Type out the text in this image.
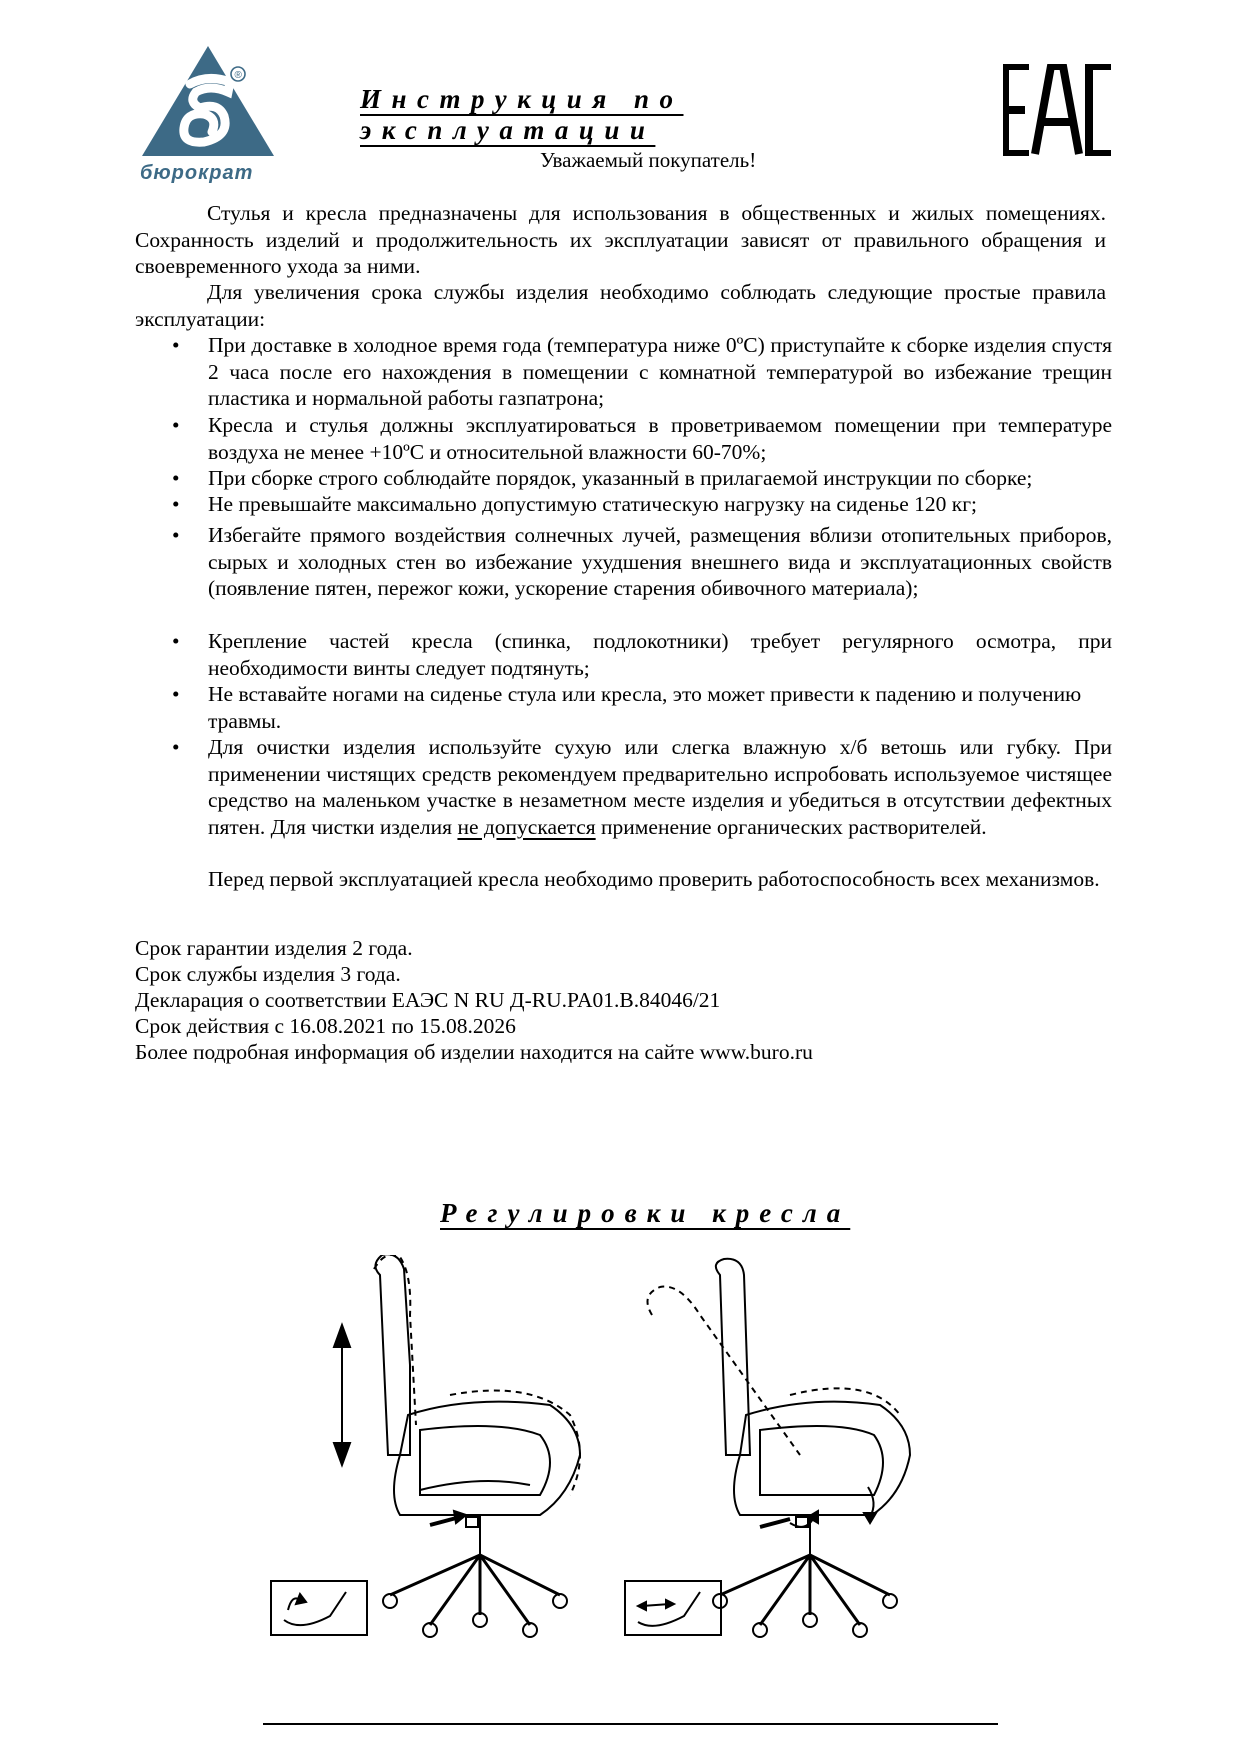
®
бюрократ
Инструкция по эксплуатации
Уважаемый покупатель!
Стулья и кресла предназначены для использования в общественных и жилых помещениях. Сохранность изделий и продолжительность их эксплуатации зависят от правильного обращения и своевременного ухода за ними.
Для увеличения срока службы изделия необходимо соблюдать следующие простые правила эксплуатации:
• При доставке в холодное время года (температура ниже 0ºС) приступайте к сборке изделия спустя 2 часа после его нахождения в помещении с комнатной температурой во избежание трещин пластика и нормальной работы газпатрона;
• Кресла и стулья должны эксплуатироваться в проветриваемом помещении при температуре воздуха не менее +10ºС и относительной влажности 60-70%;
• При сборке строго соблюдайте порядок, указанный в прилагаемой инструкции по сборке;
• Не превышайте максимально допустимую статическую нагрузку на сиденье 120 кг;
• Избегайте прямого воздействия солнечных лучей, размещения вблизи отопительных приборов, сырых и холодных стен во избежание ухудшения внешнего вида и эксплуатационных свойств (появление пятен, пережог кожи, ускорение старения обивочного материала);
• Крепление частей кресла (спинка, подлокотники) требует регулярного осмотра, при необходимости винты следует подтянуть;
• Не вставайте ногами на сиденье стула или кресла, это может привести к падению и получению травмы.
• Для очистки изделия используйте сухую или слегка влажную х/б ветошь или губку. При применении чистящих средств рекомендуем предварительно испробовать используемое чистящее средство на маленьком участке в незаметном месте изделия и убедиться в отсутствии дефектных пятен. Для чистки изделия не допускается применение органических растворителей.
Перед первой эксплуатацией кресла необходимо проверить работоспособность всех механизмов.
Срок гарантии изделия 2 года.
Срок службы изделия 3 года.
Декларация о соответствии ЕАЭС N RU Д-RU.PA01.B.84046/21
Срок действия с 16.08.2021 по 15.08.2026
Более подробная информация об изделии находится на сайте www.buro.ru
Регулировки кресла
